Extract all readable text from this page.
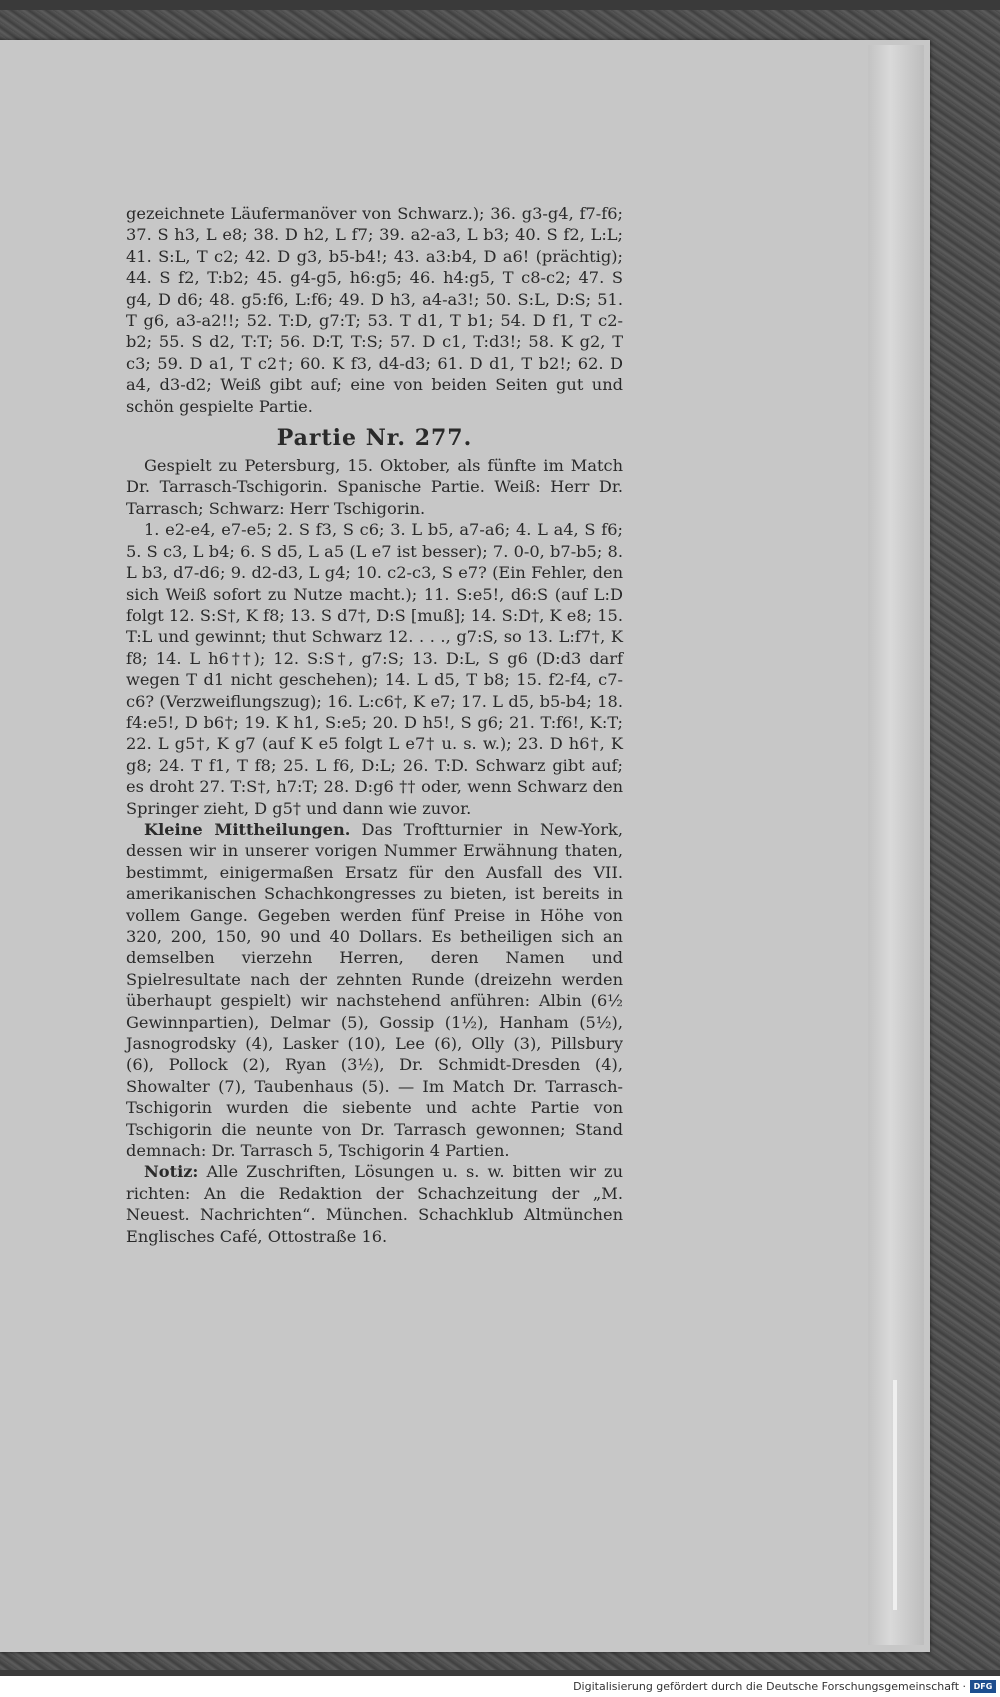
gezeichnete Läufermanöver von Schwarz.); 36. g3-g4, f7-f6; 37. S h3, L e8; 38. D h2, L f7; 39. a2-a3, L b3; 40. S f2, L:L; 41. S:L, T c2; 42. D g3, b5-b4!; 43. a3:b4, D a6! (prächtig); 44. S f2, T:b2; 45. g4-g5, h6:g5; 46. h4:g5, T c8-c2; 47. S g4, D d6; 48. g5:f6, L:f6; 49. D h3, a4-a3!; 50. S:L, D:S; 51. T g6, a3-a2!!; 52. T:D, g7:T; 53. T d1, T b1; 54. D f1, T c2-b2; 55. S d2, T:T; 56. D:T, T:S; 57. D c1, T:d3!; 58. K g2, T c3; 59. D a1, T c2†; 60. K f3, d4-d3; 61. D d1, T b2!; 62. D a4, d3-d2; Weiß gibt auf; eine von beiden Seiten gut und schön gespielte Partie.

Partie Nr. 277.

Gespielt zu Petersburg, 15. Oktober, als fünfte im Match Dr. Tarrasch-Tschigorin. Spanische Partie. Weiß: Herr Dr. Tarrasch; Schwarz: Herr Tschigorin.

1. e2-e4, e7-e5; 2. S f3, S c6; 3. L b5, a7-a6; 4. L a4, S f6; 5. S c3, L b4; 6. S d5, L a5 (L e7 ist besser); 7. 0-0, b7-b5; 8. L b3, d7-d6; 9. d2-d3, L g4; 10. c2-c3, S e7? (Ein Fehler, den sich Weiß sofort zu Nutze macht.); 11. S:e5!, d6:S (auf L:D folgt 12. S:S†, K f8; 13. S d7†, D:S [muß]; 14. S:D†, K e8; 15. T:L und gewinnt; thut Schwarz 12. . . ., g7:S, so 13. L:f7†, K f8; 14. L h6††); 12. S:S†, g7:S; 13. D:L, S g6 (D:d3 darf wegen T d1 nicht geschehen); 14. L d5, T b8; 15. f2-f4, c7-c6? (Verzweiflungszug); 16. L:c6†, K e7; 17. L d5, b5-b4; 18. f4:e5!, D b6†; 19. K h1, S:e5; 20. D h5!, S g6; 21. T:f6!, K:T; 22. L g5†, K g7 (auf K e5 folgt L e7† u. s. w.); 23. D h6†, K g8; 24. T f1, T f8; 25. L f6, D:L; 26. T:D. Schwarz gibt auf; es droht 27. T:S†, h7:T; 28. D:g6 †† oder, wenn Schwarz den Springer zieht, D g5† und dann wie zuvor.

Kleine Mittheilungen. Das Troftturnier in New-York, dessen wir in unserer vorigen Nummer Erwähnung thaten, bestimmt, einigermaßen Ersatz für den Ausfall des VII. amerikanischen Schachkongresses zu bieten, ist bereits in vollem Gange. Gegeben werden fünf Preise in Höhe von 320, 200, 150, 90 und 40 Dollars. Es betheiligen sich an demselben vierzehn Herren, deren Namen und Spielresultate nach der zehnten Runde (dreizehn werden überhaupt gespielt) wir nachstehend anführen: Albin (6½ Gewinnpartien), Delmar (5), Gossip (1½), Hanham (5½), Jasnogrodsky (4), Lasker (10), Lee (6), Olly (3), Pillsbury (6), Pollock (2), Ryan (3½), Dr. Schmidt-Dresden (4), Showalter (7), Taubenhaus (5). — Im Match Dr. Tarrasch-Tschigorin wurden die siebente und achte Partie von Tschigorin die neunte von Dr. Tarrasch gewonnen; Stand demnach: Dr. Tarrasch 5, Tschigorin 4 Partien.

Notiz: Alle Zuschriften, Lösungen u. s. w. bitten wir zu richten: An die Redaktion der Schachzeitung der „M. Neuest. Nachrichten“. München. Schachklub Altmünchen Englisches Café, Ottostraße 16.

Digitalisierung gefördert durch die Deutsche Forschungsgemeinschaft · DFG
